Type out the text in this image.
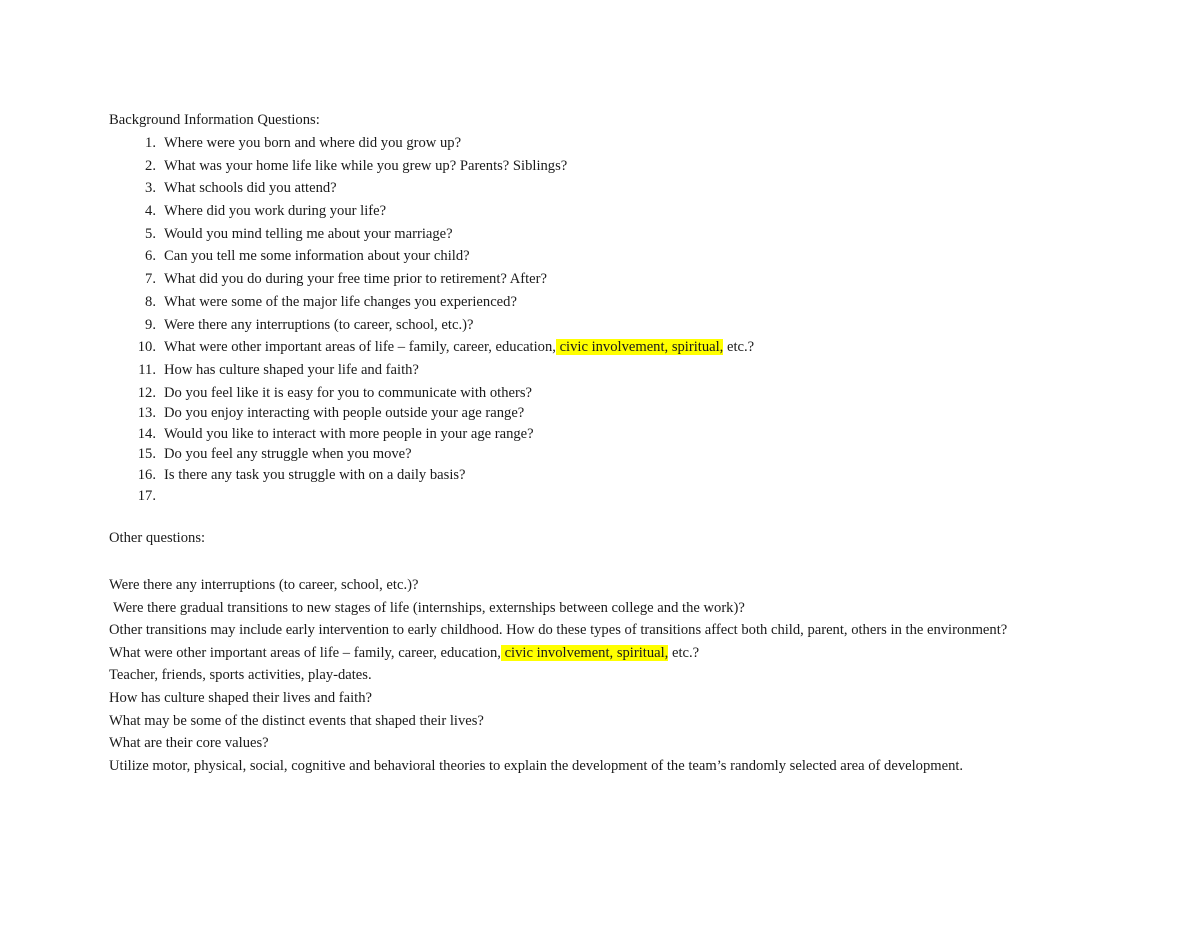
Background Information Questions:
1. Where were you born and where did you grow up?
2. What was your home life like while you grew up? Parents? Siblings?
3. What schools did you attend?
4. Where did you work during your life?
5. Would you mind telling me about your marriage?
6. Can you tell me some information about your child?
7. What did you do during your free time prior to retirement? After?
8. What were some of the major life changes you experienced?
9. Were there any interruptions (to career, school, etc.)?
10. What were other important areas of life – family, career, education, civic involvement, spiritual, etc.?
11. How has culture shaped your life and faith?
12. Do you feel like it is easy for you to communicate with others?
13. Do you enjoy interacting with people outside your age range?
14. Would you like to interact with more people in your age range?
15. Do you feel any struggle when you move?
16. Is there any task you struggle with on a daily basis?
17.
Other questions:
Were there any interruptions (to career, school, etc.)?
Were there gradual transitions to new stages of life (internships, externships between college and the work)?
Other transitions may include early intervention to early childhood. How do these types of transitions affect both child, parent, others in the environment?
What were other important areas of life – family, career, education, civic involvement, spiritual, etc.?
Teacher, friends, sports activities, play-dates.
How has culture shaped their lives and faith?
What may be some of the distinct events that shaped their lives?
What are their core values?
Utilize motor, physical, social, cognitive and behavioral theories to explain the development of the team’s randomly selected area of development.
